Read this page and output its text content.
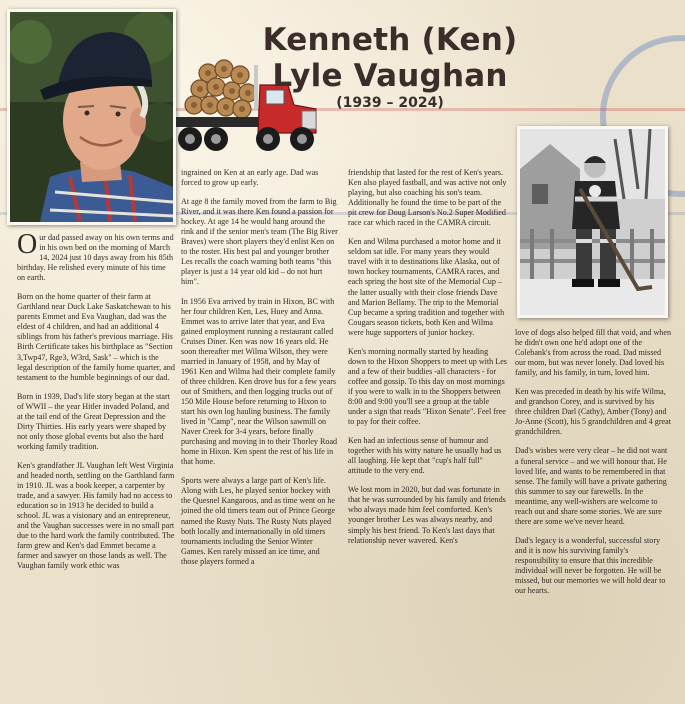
Kenneth (Ken) Lyle Vaughan
(1939 – 2024)

Our dad passed away on his own terms and in his own bed on the morning of March 14, 2024 just 10 days away from his 85th birthday. He relished every minute of his time on earth.

Born on the home quarter of their farm at Garthland near Duck Lake Saskatchewan to his parents Emmet and Eva Vaughan, dad was the eldest of 4 children, and had an additional 4 siblings from his father's previous marriage. His Birth Certificate takes his birthplace as "Section 3,Twp47, Rge3, W3rd, Sask" – which is the legal description of the family home quarter, and testament to the humble beginnings of our dad.

Born in 1939, Dad's life story began at the start of WWII – the year Hitler invaded Poland, and at the tail end of the Great Depression and the Dirty Thirties. His early years were shaped by not only those global events but also the hard working family tradition.

Ken's grandfather JL Vaughan left West Virginia and headed north, settling on the Garthland farm in 1910. JL was a book keeper, a carpenter by trade, and a sawyer. His family had no access to education so in 1913 he decided to build a school. JL was a visionary and an entrepreneur, and the Vaughan successes were in no small part due to the hard work the family contributed. The farm grew and Ken's dad Emmet became a farmer and sawyer on those lands as well. The Vaughan family work ethic was

ingrained on Ken at an early age. Dad was forced to grow up early.

At age 8 the family moved from the farm to Big River, and it was there Ken found a passion for hockey. At age 14 he would hang around the rink and if the senior men's team (The Big River Braves) were short players they'd enlist Ken on to the roster. His best pal and younger brother Les recalls the coach warning both teams "this player is just a 14 year old kid – do not hurt him".

In 1956 Eva arrived by train in Hixon, BC with her four children Ken, Les, Huey and Anna. Emmet was to arrive later that year, and Eva gained employment running a restaurant called Cruises Diner. Ken was now 16 years old. He soon thereafter met Wilma Wilson, they were married in January of 1958, and by May of 1961 Ken and Wilma had their complete family of three children. Ken drove bus for a few years out of Smithers, and then logging trucks out of 150 Mile House before returning to Hixon to start his own log hauling business. The family lived in "Camp", near the Wilson sawmill on Naver Creek for 3-4 years, before finally purchasing and moving in to their Thorley Road home in Hixon. Ken spent the rest of his life in that home.

Sports were always a large part of Ken's life. Along with Les, he played senior hockey with the Quesnel Kangaroos, and as time went on he joined the old timers team out of Prince George named the Rusty Nuts. The Rusty Nuts played both locally and internationally in old timers tournaments including the Senior Winter Games. Ken rarely missed an ice time, and those players formed a

friendship that lasted for the rest of Ken's years. Ken also played fastball, and was active not only playing, but also coaching his son's team. Additionally he found the time to be part of the pit crew for Doug Larson's No.2 Super Modified race car which raced in the CAMRA circuit.

Ken and Wilma purchased a motor home and it seldom sat idle. For many years they would travel with it to destinations like Alaska, out of town hockey tournaments, CAMRA races, and each spring the host site of the Memorial Cup – the latter usually with their close friends Dave and Marion Bellamy. The trip to the Memorial Cup became a spring tradition and together with Cougars season tickets, both Ken and Wilma were huge supporters of junior hockey.

Ken's morning normally started by heading down to the Hixon Shoppers to meet up with Les and a few of their buddies -all characters - for coffee and gossip. To this day on most mornings if you were to walk in to the Shoppers between 8:00 and 9:00 you'll see a group at the table under a sign that reads "Hixon Senate". Feel free to pay for their coffee.

Ken had an infectious sense of humour and together with his witty nature he usually had us all laughing. He kept that "cup's half full" attitude to the very end.

We lost mom in 2020, but dad was fortunate in that he was surrounded by his family and friends who always made him feel comforted. Ken's younger brother Les was always nearby, and simply his best friend. To Ken's last days that relationship never wavered. Ken's

love of dogs also helped fill that void, and when he didn't own one he'd adopt one of the Colebank's from across the road. Dad missed our mom, but was never lonely. Dad loved his family, and his family, in turn, loved him.

Ken was preceded in death by his wife Wilma, and grandson Corey, and is survived by his three children Darl (Cathy), Amber (Tony) and Jo-Anne (Scott), his 5 grandchildren and 4 great grandchildren.

Dad's wishes were very clear – he did not want a funeral service – and we will honour that. He loved life, and wants to be remembered in that sense. The family will have a private gathering this summer to say our farewells. In the meantime, any well-wishers are welcome to reach out and share some stories. We are sure there are some we've never heard.

Dad's legacy is a wonderful, successful story and it is now his surviving family's responsibility to ensure that this incredible individual will never be forgotten. He will be missed, but our memories we will hold dear to our hearts.
